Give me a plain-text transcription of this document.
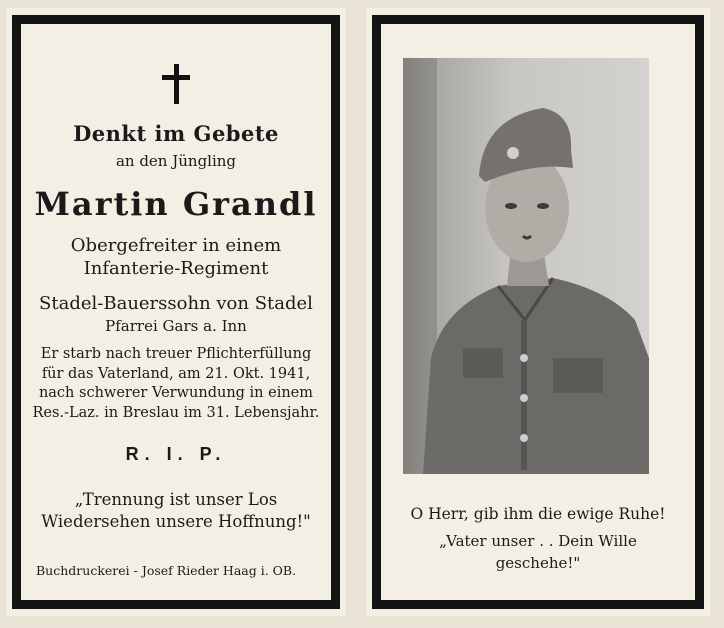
Denkt im Gebete
an den Jüngling
Martin Grandl
Obergefreiter in einem
Infanterie-Regiment
Stadel-Bauerssohn von Stadel
Pfarrei Gars a. Inn
Er starb nach treuer Pflichterfüllung
für das Vaterland, am 21. Okt. 1941,
nach schwerer Verwundung in einem
Res.-Laz. in Breslau im 31. Lebensjahr.
R. I. P.
„Trennung ist unser Los
Wiedersehen unsere Hoffnung!"
Buchdruckerei - Josef Rieder Haag i. OB.
O Herr, gib ihm die ewige Ruhe!
„Vater unser . . Dein Wille
geschehe!"
